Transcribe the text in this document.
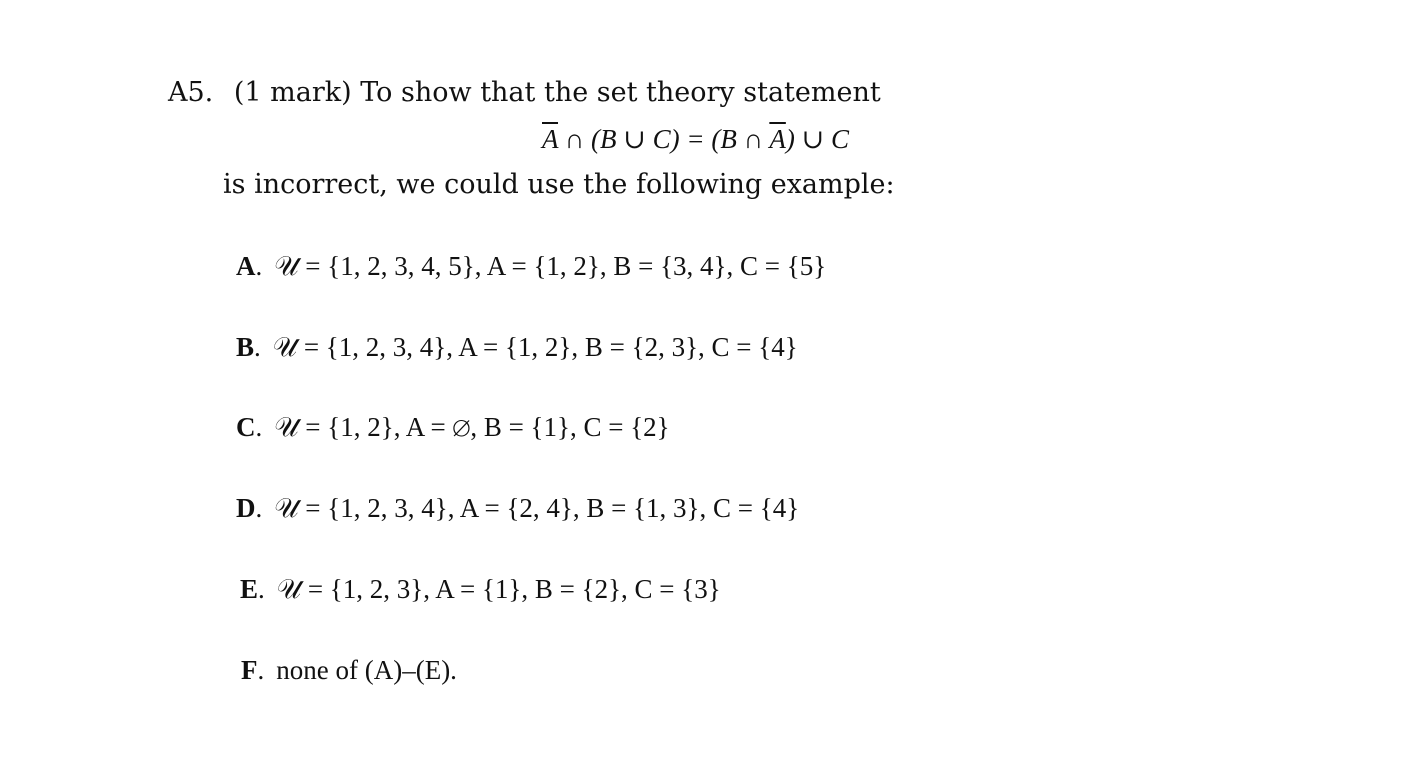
A5. (1 mark) To show that the set theory statement
$\overline{A}$ ∩ (B ∪ C) = (B ∩ $\overline{A}$) ∪ C
is incorrect, we could use the following example:
A. 𝒰 = {1, 2, 3, 4, 5}, A = {1, 2}, B = {3, 4}, C = {5}
B. 𝒰 = {1, 2, 3, 4}, A = {1, 2}, B = {2, 3}, C = {4}
C. 𝒰 = {1, 2}, A = ∅, B = {1}, C = {2}
D. 𝒰 = {1, 2, 3, 4}, A = {2, 4}, B = {1, 3}, C = {4}
E. 𝒰 = {1, 2, 3}, A = {1}, B = {2}, C = {3}
F. none of (A)–(E).
